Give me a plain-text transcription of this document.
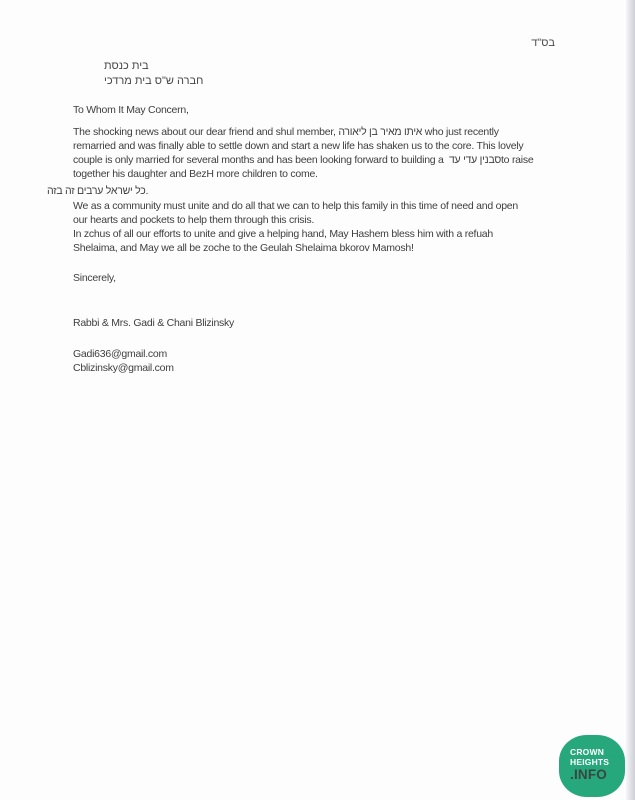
בס"ד
בית כנסת
חברה ש"ס בית מרדכי
To Whom It May Concern,
The shocking news about our dear friend and shul member, איתו מאיר בן ליאורה who just recently
remarried and was finally able to settle down and start a new life has shaken us to the core. This lovely
couple is only married for several months and has been looking forward to building a  סבנין עדי עדto raise
together his daughter and BezH more children to come.
כל ישראל ערבים זה בזה.
We as a community must unite and do all that we can to help this family in this time of need and open
our hearts and pockets to help them through this crisis.
In zchus of all our efforts to unite and give a helping hand, May Hashem bless him with a refuah
Shelaima, and May we all be zoche to the Geulah Shelaima bkorov Mamosh!
Sincerely,
Rabbi & Mrs. Gadi & Chani Blizinsky
Gadi636@gmail.com
Cblizinsky@gmail.com
CROWN
HEIGHTS
.INFO
